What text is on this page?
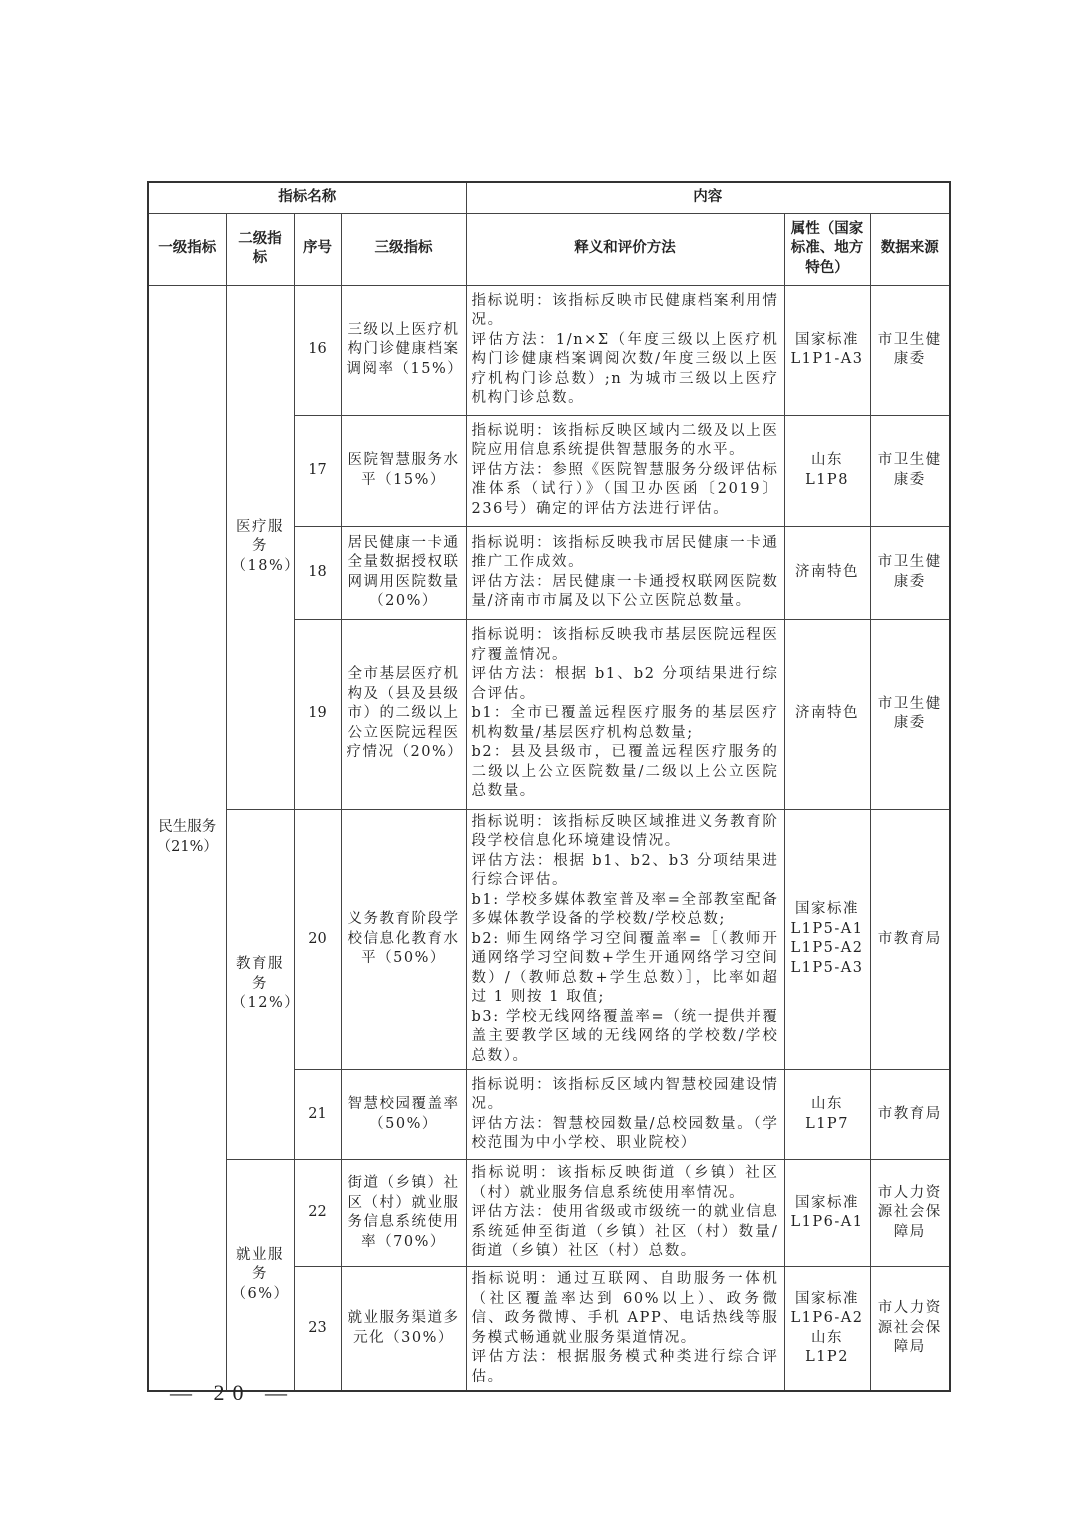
指标名称				内容		
一级指标	二级指标	序号	三级指标	释义和评价方法	属性（国家标准、地方特色）	数据来源
民生服务（21%）	医疗服务（18%）	16	三级以上医疗机构门诊健康档案调阅率（15%）	指标说明：该指标反映市民健康档案利用情况。
评估方法：1/n×Σ（年度三级以上医疗机构门诊健康档案调阅次数/年度三级以上医疗机构门诊总数）;n 为城市三级以上医疗机构门诊总数。	国家标准 L1P1-A3	市卫生健康委
		17	医院智慧服务水平（15%）	指标说明：该指标反映区域内二级及以上医院应用信息系统提供智慧服务的水平。
评估方法：参照《医院智慧服务分级评估标准体系（试行）》（国卫办医函〔2019〕236号）确定的评估方法进行评估。	山东 L1P8	市卫生健康委
		18	居民健康一卡通全量数据授权联网调用医院数量（20%）	指标说明：该指标反映我市居民健康一卡通推广工作成效。
评估方法：居民健康一卡通授权联网医院数量/济南市市属及以下公立医院总数量。	济南特色	市卫生健康委
		19	全市基层医疗机构及（县及县级市）的二级以上公立医院远程医疗情况（20%）	指标说明：该指标反映我市基层医院远程医疗覆盖情况。
评估方法：根据 b1、b2 分项结果进行综合评估。
b1：全市已覆盖远程医疗服务的基层医疗机构数量/基层医疗机构总数量;
b2：县及县级市，已覆盖远程医疗服务的二级以上公立医院数量/二级以上公立医院总数量。	济南特色	市卫生健康委
	教育服务（12%）	20	义务教育阶段学校信息化教育水平（50%）	指标说明：该指标反映区域推进义务教育阶段学校信息化环境建设情况。
评估方法：根据 b1、b2、b3 分项结果进行综合评估。
b1: 学校多媒体教室普及率=全部教室配备多媒体教学设备的学校数/学校总数;
b2: 师生网络学习空间覆盖率=［（教师开通网络学习空间数+学生开通网络学习空间数）/（教师总数+学生总数）］，比率如超过 1 则按 1 取值;
b3: 学校无线网络覆盖率=（统一提供并覆盖主要教学区域的无线网络的学校数/学校总数）。	国家标准 L1P5-A1 L1P5-A2 L1P5-A3	市教育局
		21	智慧校园覆盖率（50%）	指标说明：该指标反区域内智慧校园建设情况。
评估方法：智慧校园数量/总校园数量。（学校范围为中小学校、职业院校）	山东 L1P7	市教育局
	就业服务（6%）	22	街道（乡镇）社区（村）就业服务信息系统使用率（70%）	指标说明：该指标反映街道（乡镇）社区（村）就业服务信息系统使用率情况。
评估方法：使用省级或市级统一的就业信息系统延伸至街道（乡镇）社区（村）数量/街道（乡镇）社区（村）总数。	国家标准 L1P6-A1	市人力资源社会保障局
		23	就业服务渠道多元化（30%）	指标说明：通过互联网、自助服务一体机（社区覆盖率达到 60%以上）、政务微信、政务微博、手机 APP、电话热线等服务模式畅通就业服务渠道情况。
评估方法：根据服务模式种类进行综合评估。	国家标准 L1P6-A2 山东 L1P2	市人力资源社会保障局
— 20 —
